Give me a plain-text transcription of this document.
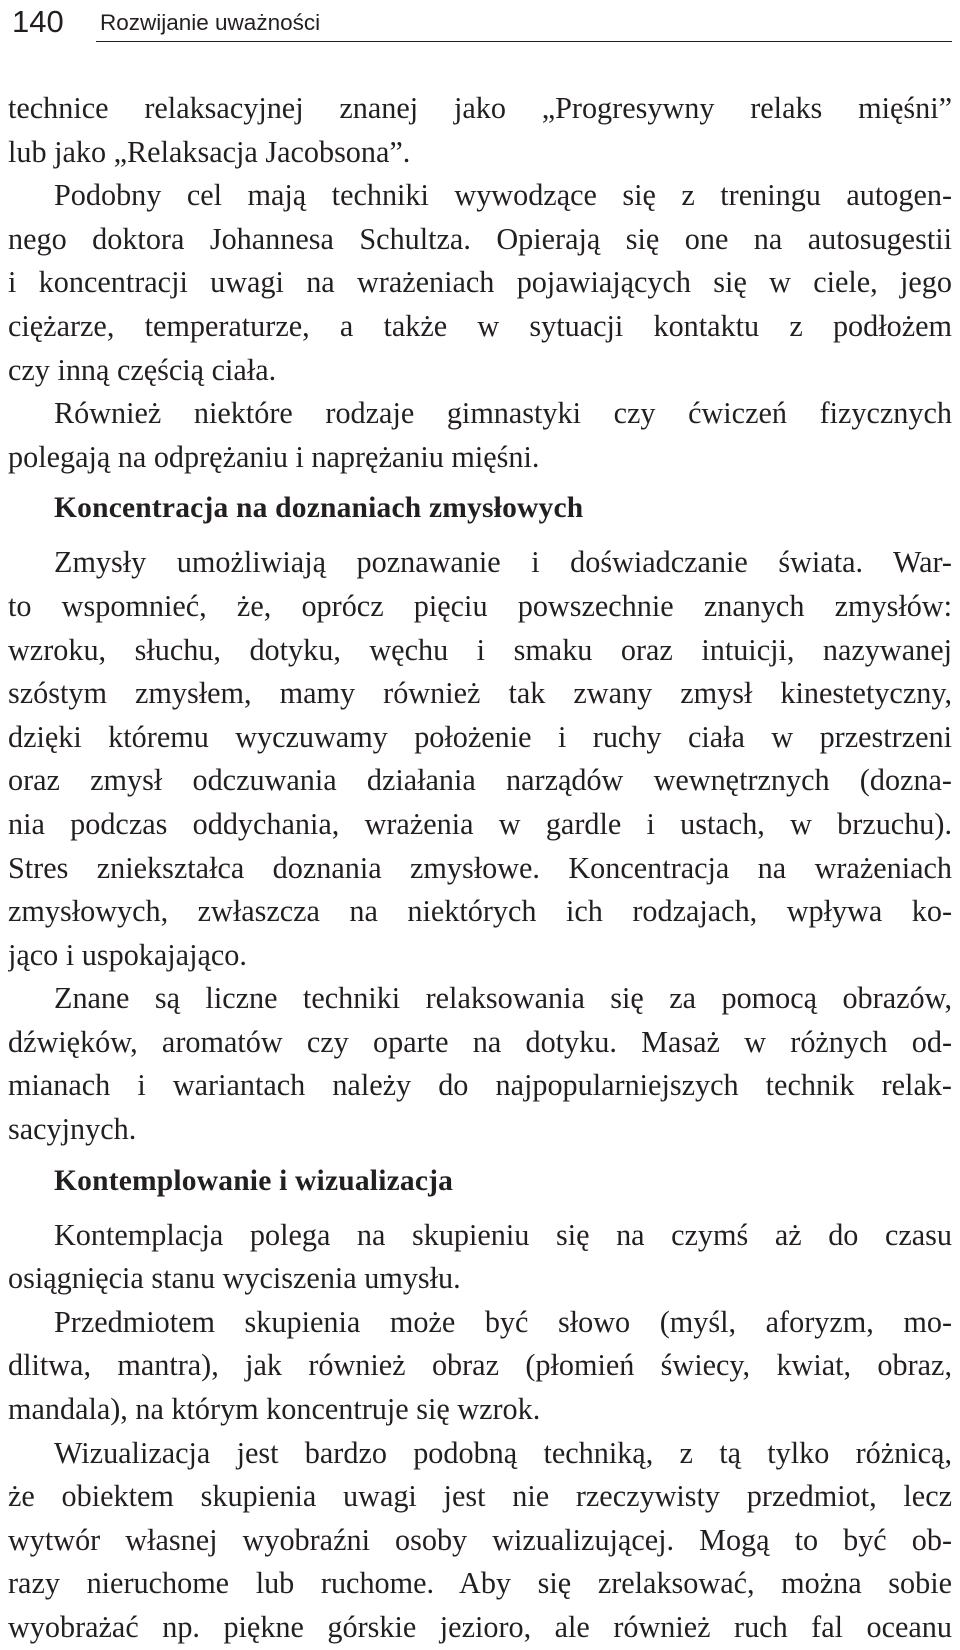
140 Rozwijanie uważności
technice relaksacyjnej znanej jako „Progresywny relaks mięśni”
lub jako „Relaksacja Jacobsona”.
Podobny cel mają techniki wywodzące się z treningu autogen-
nego doktora Johannesa Schultza. Opierają się one na autosugestii
i koncentracji uwagi na wrażeniach pojawiających się w ciele, jego
ciężarze, temperaturze, a także w sytuacji kontaktu z podłożem
czy inną częścią ciała.
Również niektóre rodzaje gimnastyki czy ćwiczeń fizycznych
polegają na odprężaniu i naprężaniu mięśni.
Koncentracja na doznaniach zmysłowych
Zmysły umożliwiają poznawanie i doświadczanie świata. War-
to wspomnieć, że, oprócz pięciu powszechnie znanych zmysłów:
wzroku, słuchu, dotyku, węchu i smaku oraz intuicji, nazywanej
szóstym zmysłem, mamy również tak zwany zmysł kinestetyczny,
dzięki któremu wyczuwamy położenie i ruchy ciała w przestrzeni
oraz zmysł odczuwania działania narządów wewnętrznych (dozna-
nia podczas oddychania, wrażenia w gardle i ustach, w brzuchu).
Stres zniekształca doznania zmysłowe. Koncentracja na wrażeniach
zmysłowych, zwłaszcza na niektórych ich rodzajach, wpływa ko-
jąco i uspokajająco.
Znane są liczne techniki relaksowania się za pomocą obrazów,
dźwięków, aromatów czy oparte na dotyku. Masaż w różnych od-
mianach i wariantach należy do najpopularniejszych technik relak-
sacyjnych.
Kontemplowanie i wizualizacja
Kontemplacja polega na skupieniu się na czymś aż do czasu
osiągnięcia stanu wyciszenia umysłu.
Przedmiotem skupienia może być słowo (myśl, aforyzm, mo-
dlitwa, mantra), jak również obraz (płomień świecy, kwiat, obraz,
mandala), na którym koncentruje się wzrok.
Wizualizacja jest bardzo podobną techniką, z tą tylko różnicą,
że obiektem skupienia uwagi jest nie rzeczywisty przedmiot, lecz
wytwór własnej wyobraźni osoby wizualizującej. Mogą to być ob-
razy nieruchome lub ruchome. Aby się zrelaksować, można sobie
wyobrażać np. piękne górskie jezioro, ale również ruch fal oceanu
